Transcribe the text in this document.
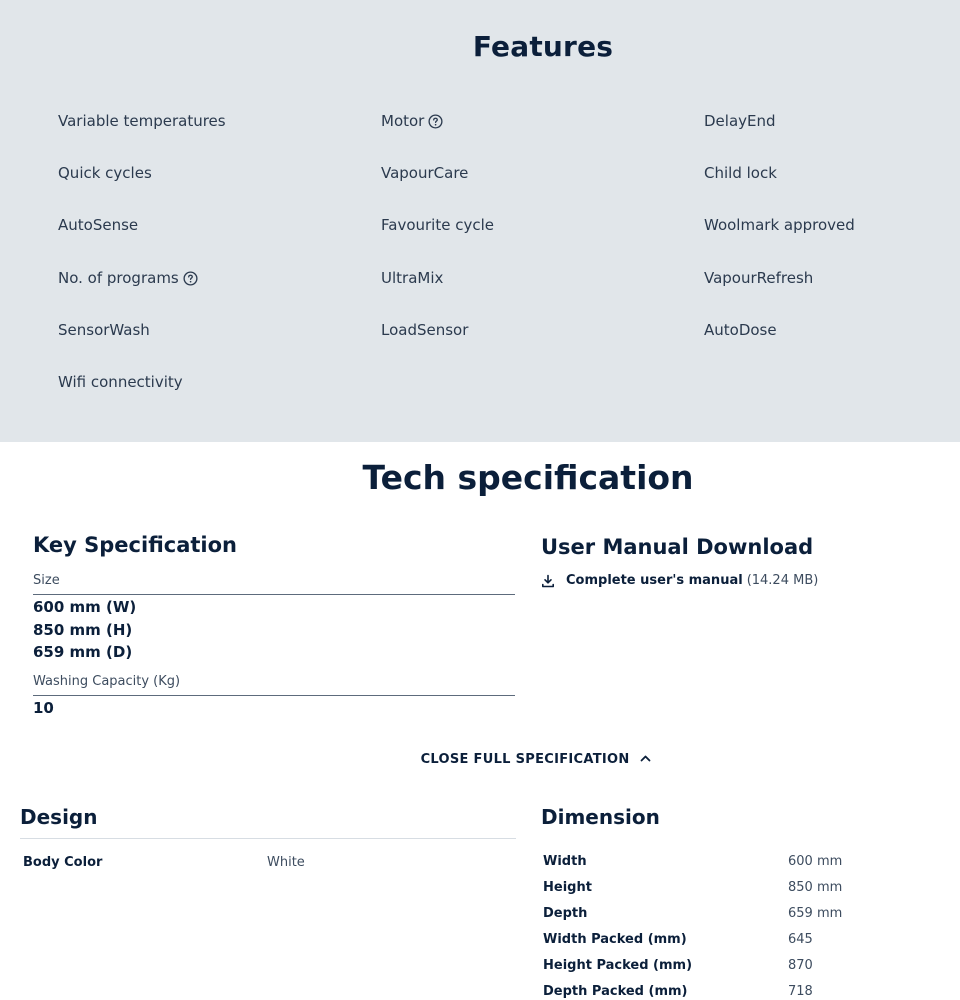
Features
Variable temperatures
Quick cycles
AutoSense
No. of programs
SensorWash
Wifi connectivity
Motor
VapourCare
Favourite cycle
UltraMix
LoadSensor
DelayEnd
Child lock
Woolmark approved
VapourRefresh
AutoDose
Tech specification
Key Specification
Size
600 mm (W)
850 mm (H)
659 mm (D)
Washing Capacity (Kg)
10
User Manual Download
Complete user's manual (14.24 MB)
CLOSE FULL SPECIFICATION
Design
Body Color	White
Dimension
Width	600 mm
Height	850 mm
Depth	659 mm
Width Packed (mm)	645
Height Packed (mm)	870
Depth Packed (mm)	718
